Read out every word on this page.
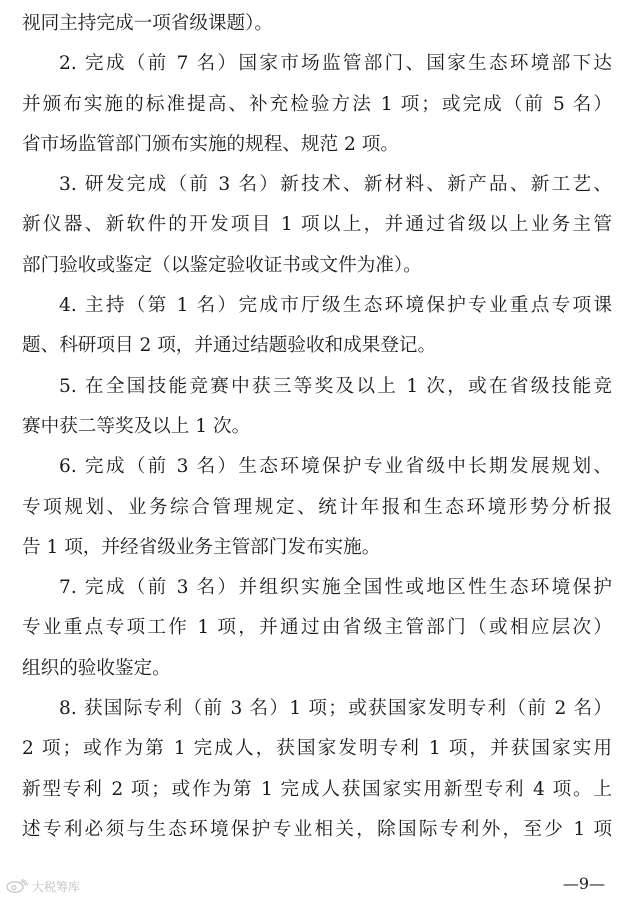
视同主持完成一项省级课题）。
2. 完成（前 7 名）国家市场监管部门、国家生态环境部下达
并颁布实施的标准提高、补充检验方法 1 项；或完成（前 5 名）
省市场监管部门颁布实施的规程、规范 2 项。
3. 研发完成（前 3 名）新技术、新材料、新产品、新工艺、
新仪器、新软件的开发项目 1 项以上，并通过省级以上业务主管
部门验收或鉴定（以鉴定验收证书或文件为准）。
4. 主持（第 1 名）完成市厅级生态环境保护专业重点专项课
题、科研项目 2 项，并通过结题验收和成果登记。
5. 在全国技能竞赛中获三等奖及以上 1 次，或在省级技能竞
赛中获二等奖及以上 1 次。
6. 完成（前 3 名）生态环境保护专业省级中长期发展规划、
专项规划、业务综合管理规定、统计年报和生态环境形势分析报
告 1 项，并经省级业务主管部门发布实施。
7. 完成（前 3 名）并组织实施全国性或地区性生态环境保护
专业重点专项工作 1 项，并通过由省级主管部门（或相应层次）
组织的验收鉴定。
8. 获国际专利（前 3 名）1 项；或获国家发明专利（前 2 名）
2 项；或作为第 1 完成人，获国家发明专利 1 项，并获国家实用
新型专利 2 项；或作为第 1 完成人获国家实用新型专利 4 项。上
述专利必须与生态环境保护专业相关，除国际专利外，至少 1 项
大税筹库	—9—
